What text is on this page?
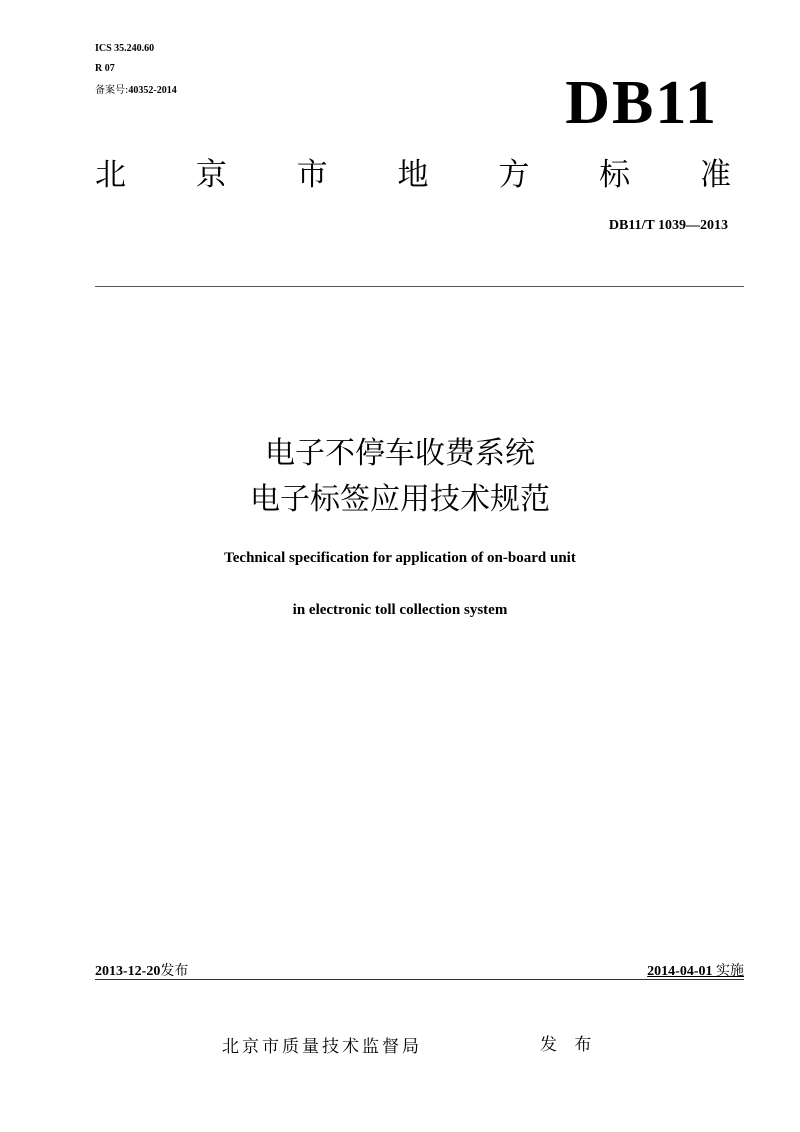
ICS 35.240.60
R 07
备案号:40352-2014	DB11
北 京 市 地 方 标 准
DB11/T 1039—2013
电子不停车收费系统
电子标签应用技术规范
Technical specification for application of on-board unit
in electronic toll collection system
2013-12-20发布	2014-04-01 实施
北京市质量技术监督局	发 布
